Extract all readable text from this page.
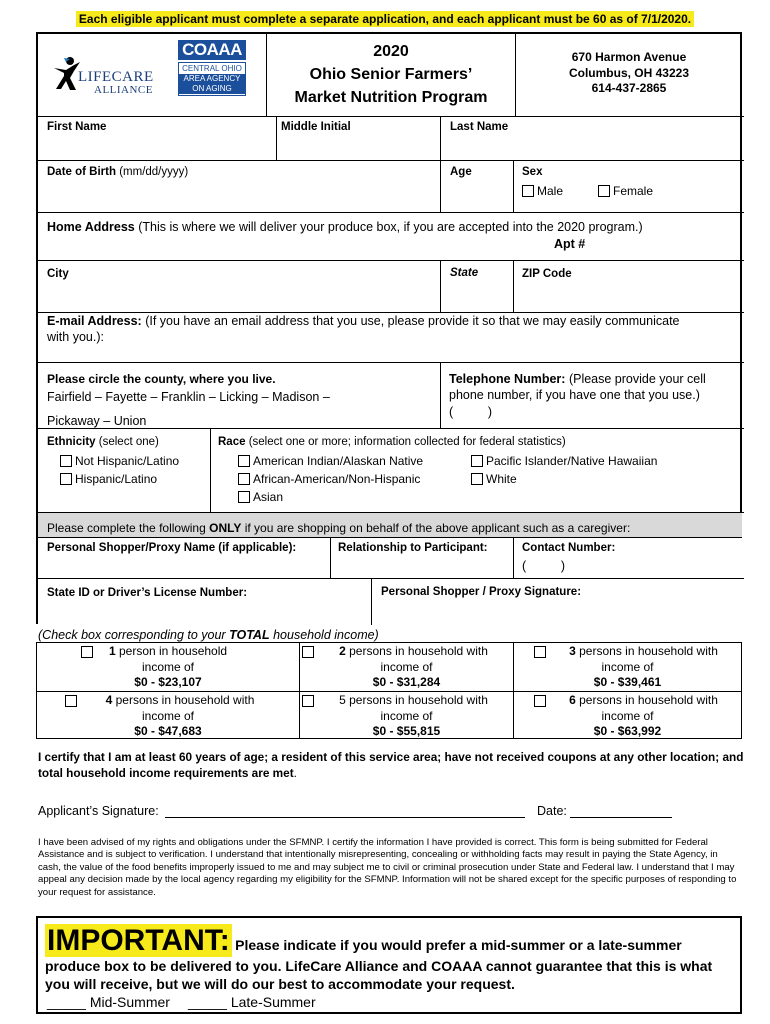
Each eligible applicant must complete a separate application, and each applicant must be 60 as of 7/1/2020.
LIFECARE
ALLIANCE
COAAA
CENTRAL OHIO
AREA AGENCY
ON AGING
2020
Ohio Senior Farmers’
Market Nutrition Program
670 Harmon Avenue
Columbus, OH 43223
614-437-2865
First Name	Middle Initial	Last Name
Date of Birth (mm/dd/yyyy)	Age	Sex
Male	Female
Home Address (This is where we will deliver your produce box, if you are accepted into the 2020 program.)
Apt #
City	State	ZIP Code
E-mail Address: (If you have an email address that you use, please provide it so that we may easily communicate with you.):
Please circle the county, where you live.
Fairfield – Fayette – Franklin – Licking – Madison –
Pickaway – Union
Telephone Number: (Please provide your cell phone number, if you have one that you use.)
(          )
Ethnicity (select one)
Not Hispanic/Latino
Hispanic/Latino
Race (select one or more; information collected for federal statistics)
American Indian/Alaskan Native
African-American/Non-Hispanic
Asian
Pacific Islander/Native Hawaiian
White
Please complete the following ONLY if you are shopping on behalf of the above applicant such as a caregiver:
Personal Shopper/Proxy Name (if applicable):	Relationship to Participant:	Contact Number:
(          )
State ID or Driver’s License Number:	Personal Shopper / Proxy Signature:
(Check box corresponding to your TOTAL household income)
1 person in household
income of
$0 - $23,107
2 persons in household with
income of
$0 - $31,284
3 persons in household with
income of
$0 - $39,461
4 persons in household with
income of
$0 - $47,683
5 persons in household with
income of
$0 - $55,815
6 persons in household with
income of
$0 - $63,992
I certify that I am at least 60 years of age; a resident of this service area; have not received coupons at any other location; and total household income requirements are met.
Applicant’s Signature:	Date:
I have been advised of my rights and obligations under the SFMNP. I certify the information I have provided is correct. This form is being submitted for Federal Assistance and is subject to verification. I understand that intentionally misrepresenting, concealing or withholding facts may result in paying the State Agency, in cash, the value of the food benefits improperly issued to me and may subject me to civil or criminal prosecution under State and Federal law. I understand that I may appeal any decision made by the local agency regarding my eligibility for the SFMNP. Information will not be shared except for the specific purposes of responding to your request for assistance.
IMPORTANT: Please indicate if you would prefer a mid-summer or a late-summer
produce box to be delivered to you. LifeCare Alliance and COAAA cannot guarantee that this is what you will receive, but we will do our best to accommodate your request.
_____ Mid-Summer _____ Late-Summer
